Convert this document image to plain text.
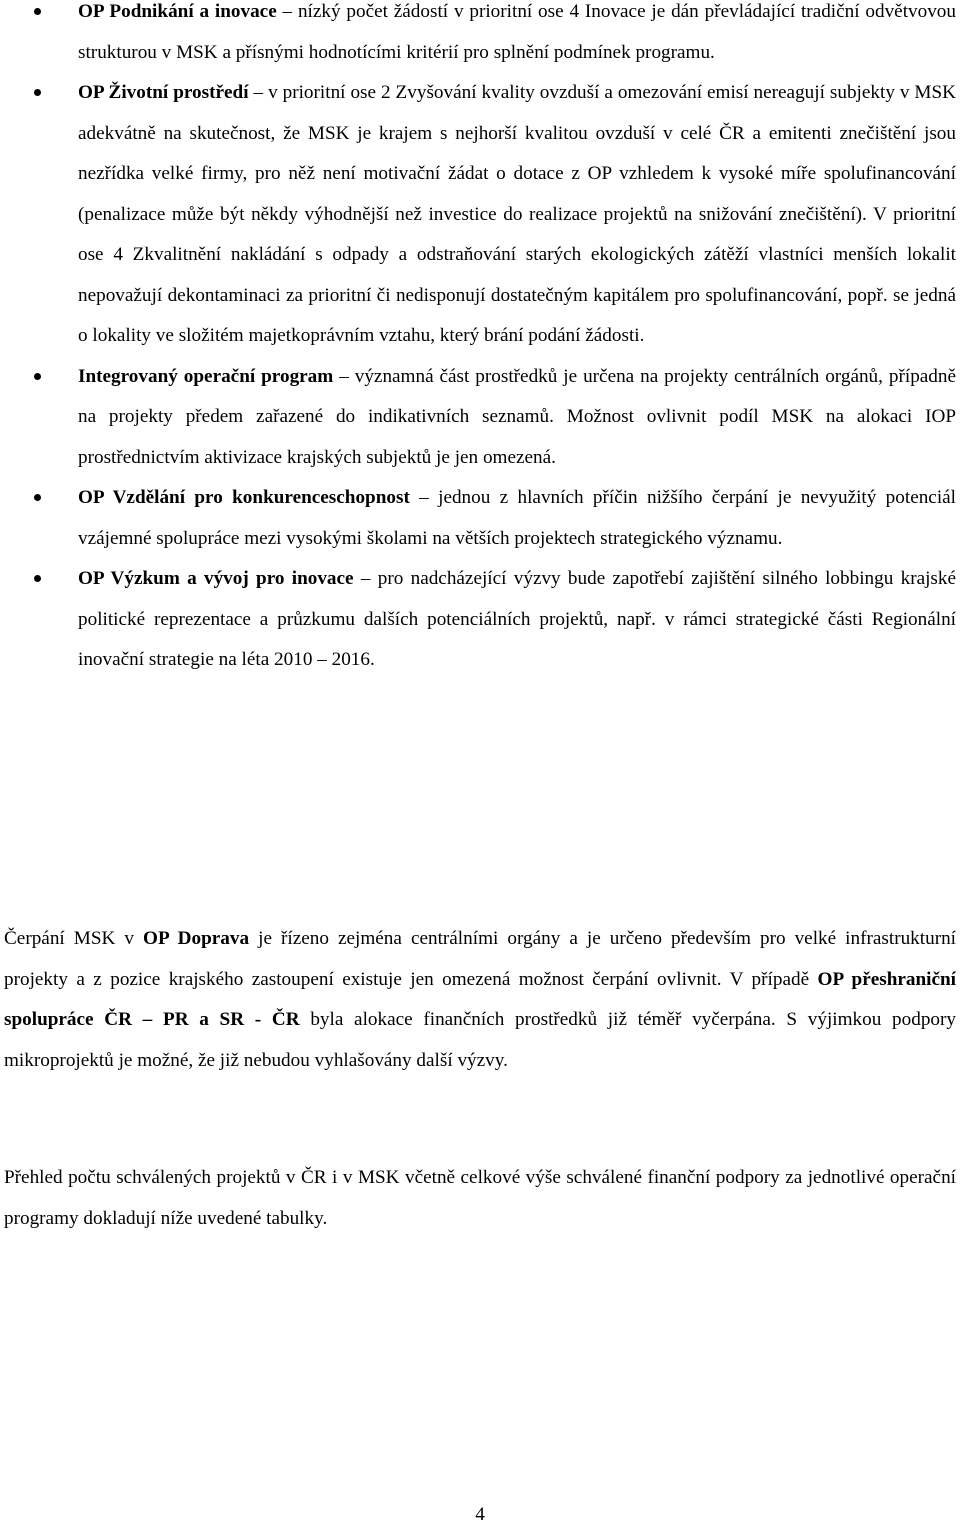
OP Podnikání a inovace – nízký počet žádostí v prioritní ose 4 Inovace je dán převládající tradiční odvětvovou strukturou v MSK a přísnými hodnotícími kritérií pro splnění podmínek programu.
OP Životní prostředí – v prioritní ose 2 Zvyšování kvality ovzduší a omezování emisí nereagují subjekty v MSK adekvátně na skutečnost, že MSK je krajem s nejhorší kvalitou ovzduší v celé ČR a emitenti znečištění jsou nezřídka velké firmy, pro něž není motivační žádat o dotace z OP vzhledem k vysoké míře spolufinancování (penalizace může být někdy výhodnější než investice do realizace projektů na snižování znečištění). V prioritní ose 4 Zkvalitnění nakládání s odpady a odstraňování starých ekologických zátěží vlastníci menších lokalit nepovažují dekontaminaci za prioritní či nedisponují dostatečným kapitálem pro spolufinancování, popř. se jedná o lokality ve složitém majetkoprávním vztahu, který brání podání žádosti.
Integrovaný operační program – významná část prostředků je určena na projekty centrálních orgánů, případně na projekty předem zařazené do indikativních seznamů. Možnost ovlivnit podíl MSK na alokaci IOP prostřednictvím aktivizace krajských subjektů je jen omezená.
OP Vzdělání pro konkurenceschopnost – jednou z hlavních příčin nižšího čerpání je nevyužitý potenciál vzájemné spolupráce mezi vysokými školami na větších projektech strategického významu.
OP Výzkum a vývoj pro inovace – pro nadcházející výzvy bude zapotřebí zajištění silného lobbingu krajské politické reprezentace a průzkumu dalších potenciálních projektů, např. v rámci strategické části Regionální inovační strategie na léta 2010 – 2016.

Čerpání MSK v OP Doprava je řízeno zejména centrálními orgány a je určeno především pro velké infrastrukturní projekty a z pozice krajského zastoupení existuje jen omezená možnost čerpání ovlivnit. V případě OP přeshraniční spolupráce ČR – PR a SR - ČR byla alokace finančních prostředků již téměř vyčerpána. S výjimkou podpory mikroprojektů je možné, že již nebudou vyhlašovány další výzvy.

Přehled počtu schválených projektů v ČR i v MSK včetně celkové výše schválené finanční podpory za jednotlivé operační programy dokladují níže uvedené tabulky.

4
